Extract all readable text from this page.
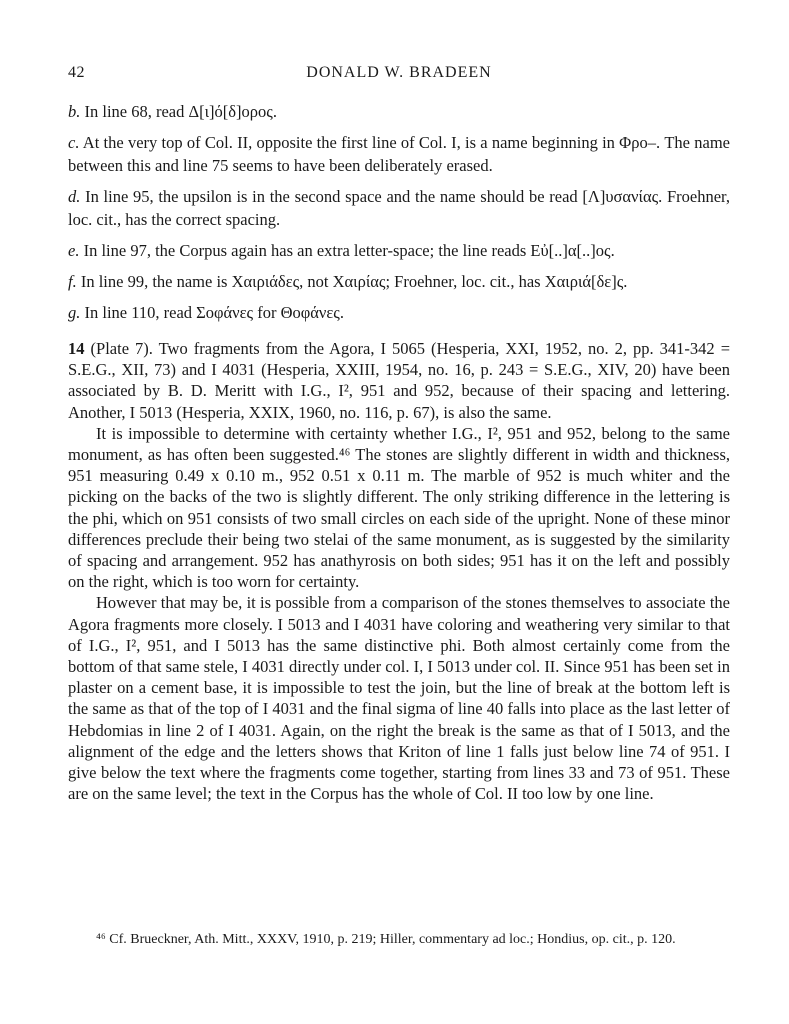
42	DONALD W. BRADEEN

b. In line 68, read Δ[ι]ό[δ]ορος.

c. At the very top of Col. II, opposite the first line of Col. I, is a name beginning in Φρο–. The name between this and line 75 seems to have been deliberately erased.

d. In line 95, the upsilon is in the second space and the name should be read [Λ]υσανίας. Froehner, loc. cit., has the correct spacing.

e. In line 97, the Corpus again has an extra letter-space; the line reads Εὐ[..]α[..]ος.

f. In line 99, the name is Χαιριάδες, not Χαιρίας; Froehner, loc. cit., has Χαιριά[δε]ς.

g. In line 110, read Σοφάνες for Θοφάνες.

14 (Plate 7). Two fragments from the Agora, I 5065 (Hesperia, XXI, 1952, no. 2, pp. 341-342 = S.E.G., XII, 73) and I 4031 (Hesperia, XXIII, 1954, no. 16, p. 243 = S.E.G., XIV, 20) have been associated by B. D. Meritt with I.G., I², 951 and 952, because of their spacing and lettering. Another, I 5013 (Hesperia, XXIX, 1960, no. 116, p. 67), is also the same.

It is impossible to determine with certainty whether I.G., I², 951 and 952, belong to the same monument, as has often been suggested.⁴⁶ The stones are slightly different in width and thickness, 951 measuring 0.49 x 0.10 m., 952 0.51 x 0.11 m. The marble of 952 is much whiter and the picking on the backs of the two is slightly different. The only striking difference in the lettering is the phi, which on 951 consists of two small circles on each side of the upright. None of these minor differences preclude their being two stelai of the same monument, as is suggested by the similarity of spacing and arrangement. 952 has anathyrosis on both sides; 951 has it on the left and possibly on the right, which is too worn for certainty.

However that may be, it is possible from a comparison of the stones themselves to associate the Agora fragments more closely. I 5013 and I 4031 have coloring and weathering very similar to that of I.G., I², 951, and I 5013 has the same distinctive phi. Both almost certainly come from the bottom of that same stele, I 4031 directly under col. I, I 5013 under col. II. Since 951 has been set in plaster on a cement base, it is impossible to test the join, but the line of break at the bottom left is the same as that of the top of I 4031 and the final sigma of line 40 falls into place as the last letter of Hebdomias in line 2 of I 4031. Again, on the right the break is the same as that of I 5013, and the alignment of the edge and the letters shows that Kriton of line 1 falls just below line 74 of 951. I give below the text where the fragments come together, starting from lines 33 and 73 of 951. These are on the same level; the text in the Corpus has the whole of Col. II too low by one line.

⁴⁶ Cf. Brueckner, Ath. Mitt., XXXV, 1910, p. 219; Hiller, commentary ad loc.; Hondius, op. cit., p. 120.
